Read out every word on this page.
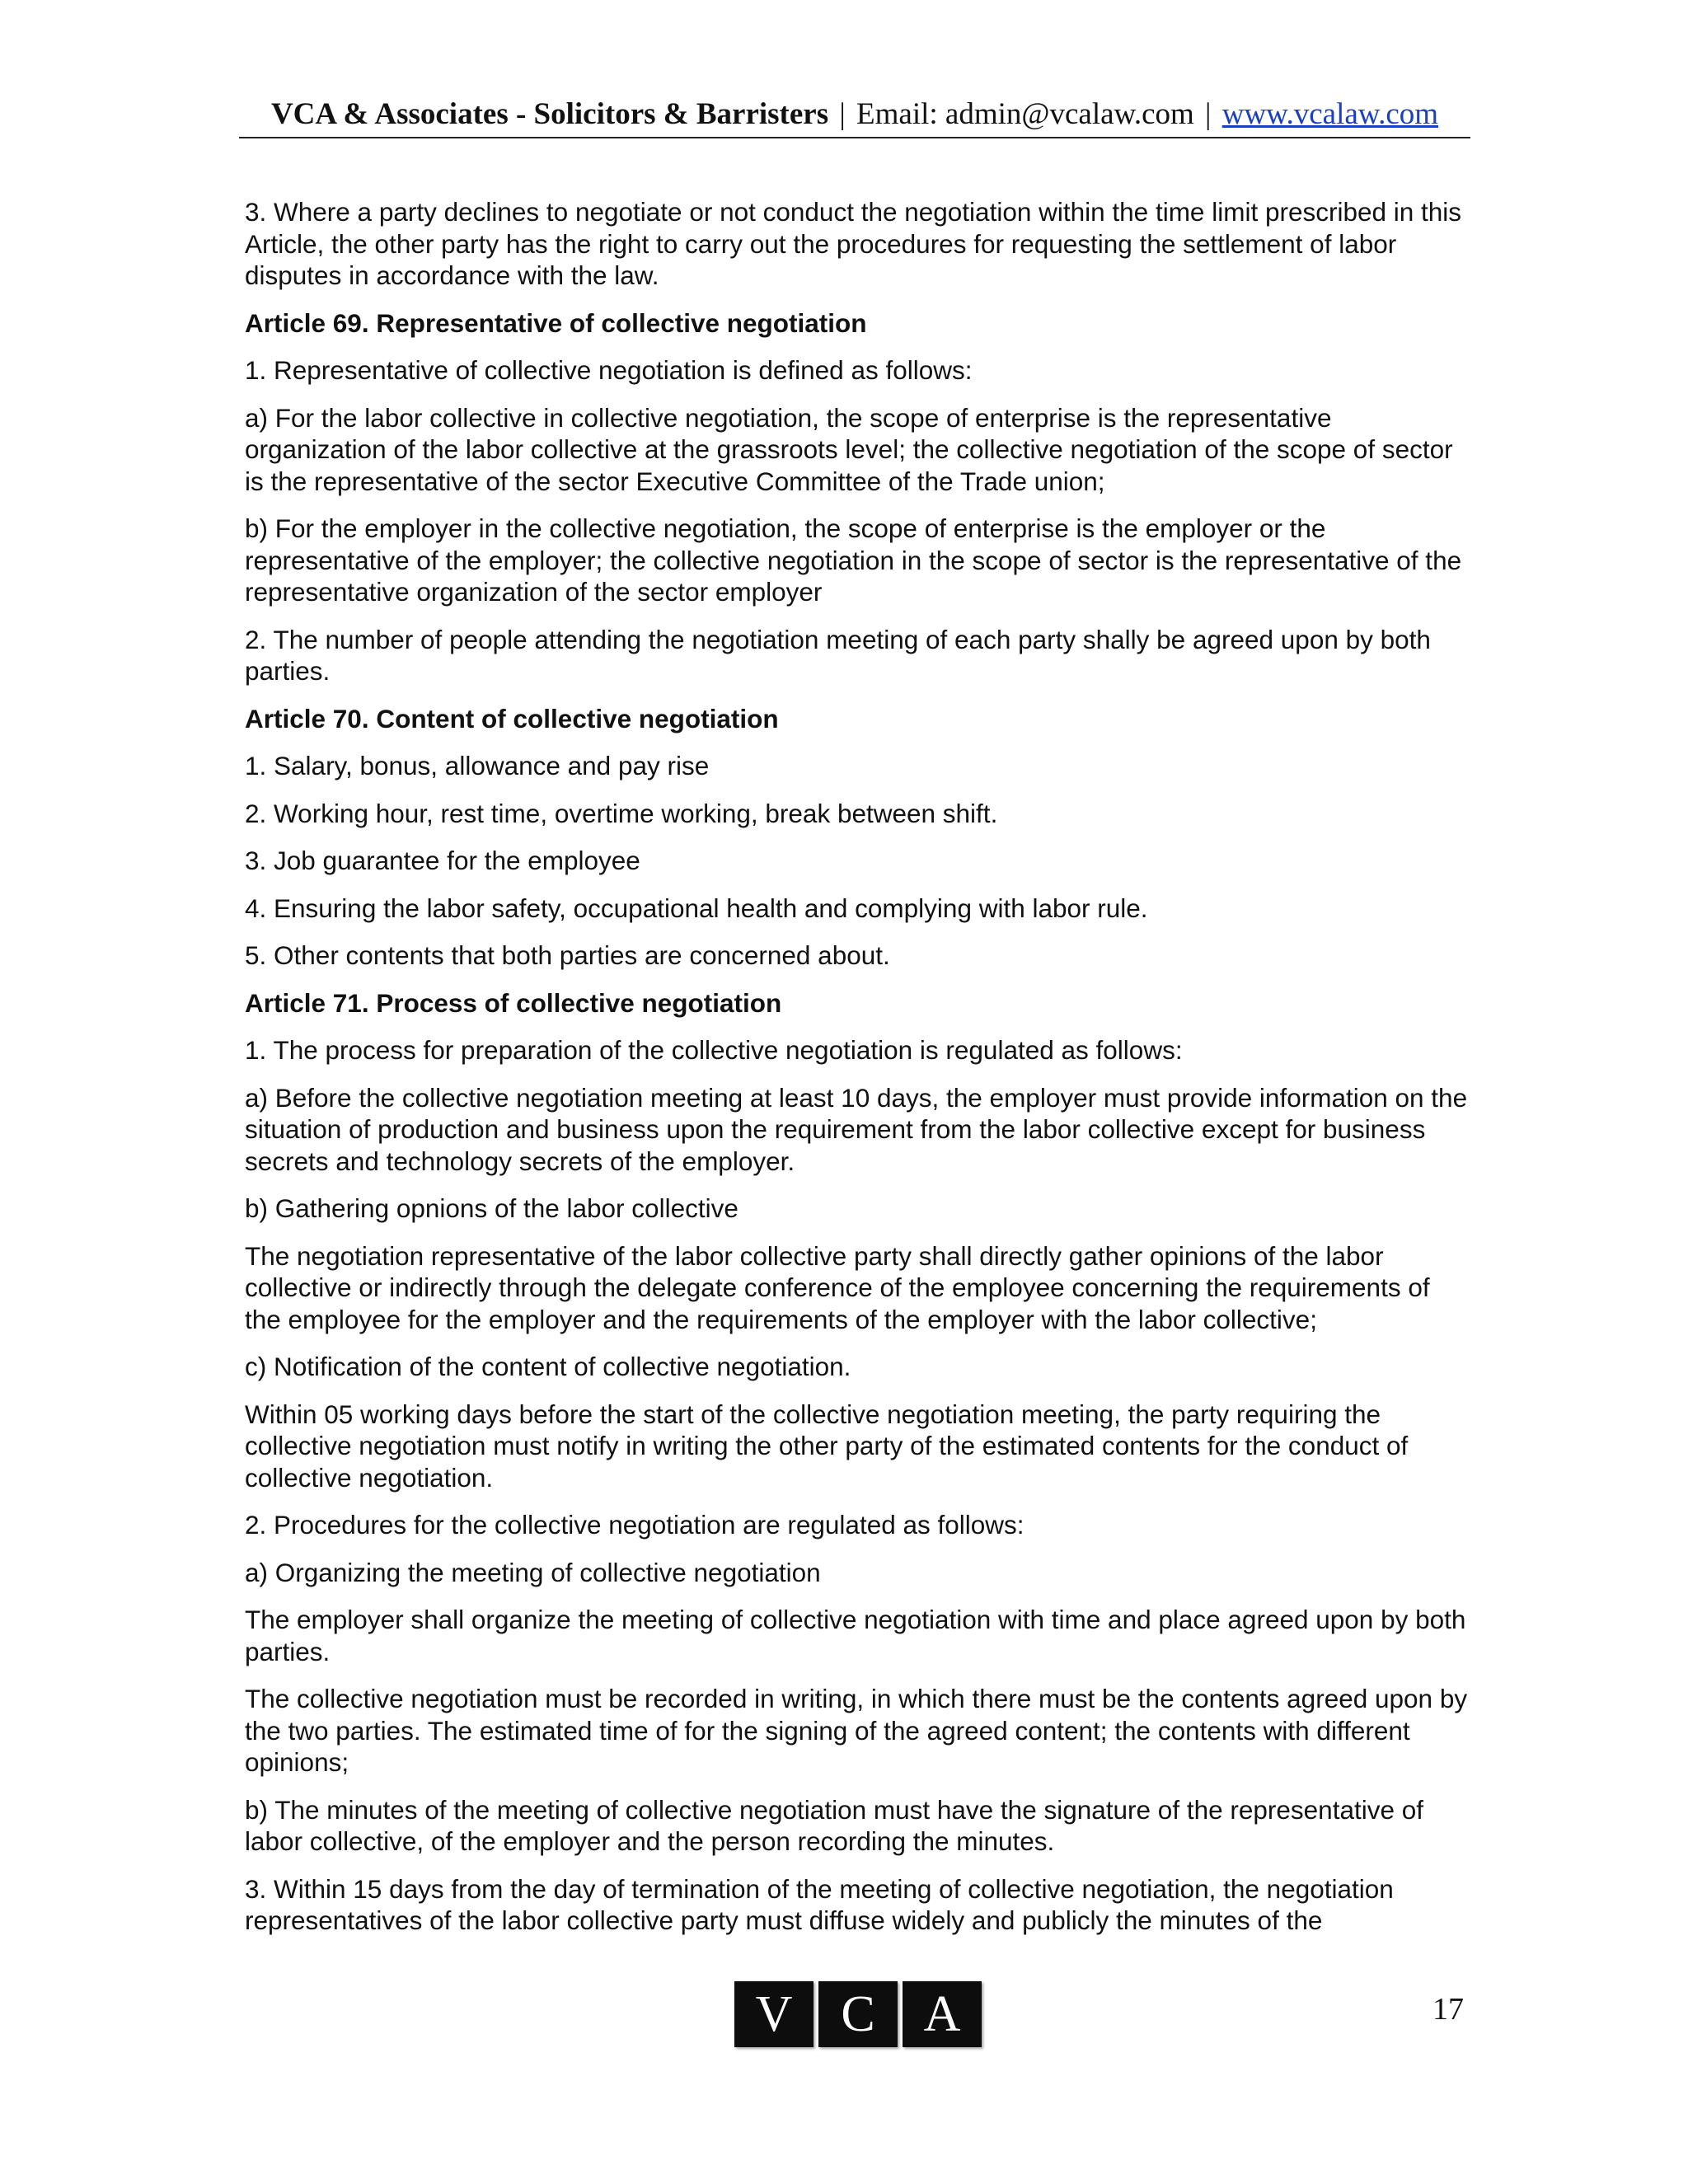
VCA & Associates - Solicitors & Barristers | Email: admin@vcalaw.com | www.vcalaw.com

3. Where a party declines to negotiate or not conduct the negotiation within the time limit prescribed in this Article, the other party has the right to carry out the procedures for requesting the settlement of labor disputes in accordance with the law.

Article 69. Representative of collective negotiation

1. Representative of collective negotiation is defined as follows:

a) For the labor collective in collective negotiation, the scope of enterprise is the representative organization of the labor collective at the grassroots level; the collective negotiation of the scope of sector is the representative of the sector Executive Committee of the Trade union;

b) For the employer in the collective negotiation, the scope of enterprise is the employer or the representative of the employer; the collective negotiation in the scope of sector is the representative of the representative organization of the sector employer

2. The number of people attending the negotiation meeting of each party shally be agreed upon by both parties.

Article 70. Content of collective negotiation

1. Salary, bonus, allowance and pay rise

2. Working hour, rest time, overtime working, break between shift.

3. Job guarantee for the employee

4. Ensuring the labor safety, occupational health and complying with labor rule.

5. Other contents that both parties are concerned about.

Article 71. Process of collective negotiation

1. The process for preparation of the collective negotiation is regulated as follows:

a) Before the collective negotiation meeting at least 10 days, the employer must provide information on the situation of production and business upon the requirement from the labor collective except for business secrets and technology secrets of the employer.

b) Gathering opnions of the labor collective

The negotiation representative of the labor collective party shall directly gather opinions of the labor collective or indirectly through the delegate conference of the employee concerning the requirements of the employee for the employer and the requirements of the employer with the labor collective;

c) Notification of the content of collective negotiation.

Within 05 working days before the start of the collective negotiation meeting, the party requiring the collective negotiation must notify in writing the other party of the estimated contents for the conduct of collective negotiation.

2. Procedures for the collective negotiation are regulated as follows:

a) Organizing the meeting of collective negotiation

The employer shall organize the meeting of collective negotiation with time and place agreed upon by both parties.

The collective negotiation must be recorded in writing, in which there must be the contents agreed upon by the two parties. The estimated time of for the signing of the agreed content; the contents with different opinions;

b) The minutes of the meeting of collective negotiation must have the signature of the representative of labor collective, of the employer and the person recording the minutes.

3. Within 15 days from the day of termination of the meeting of collective negotiation, the negotiation representatives of the labor collective party must diffuse widely and publicly the minutes of the

V C A	17
